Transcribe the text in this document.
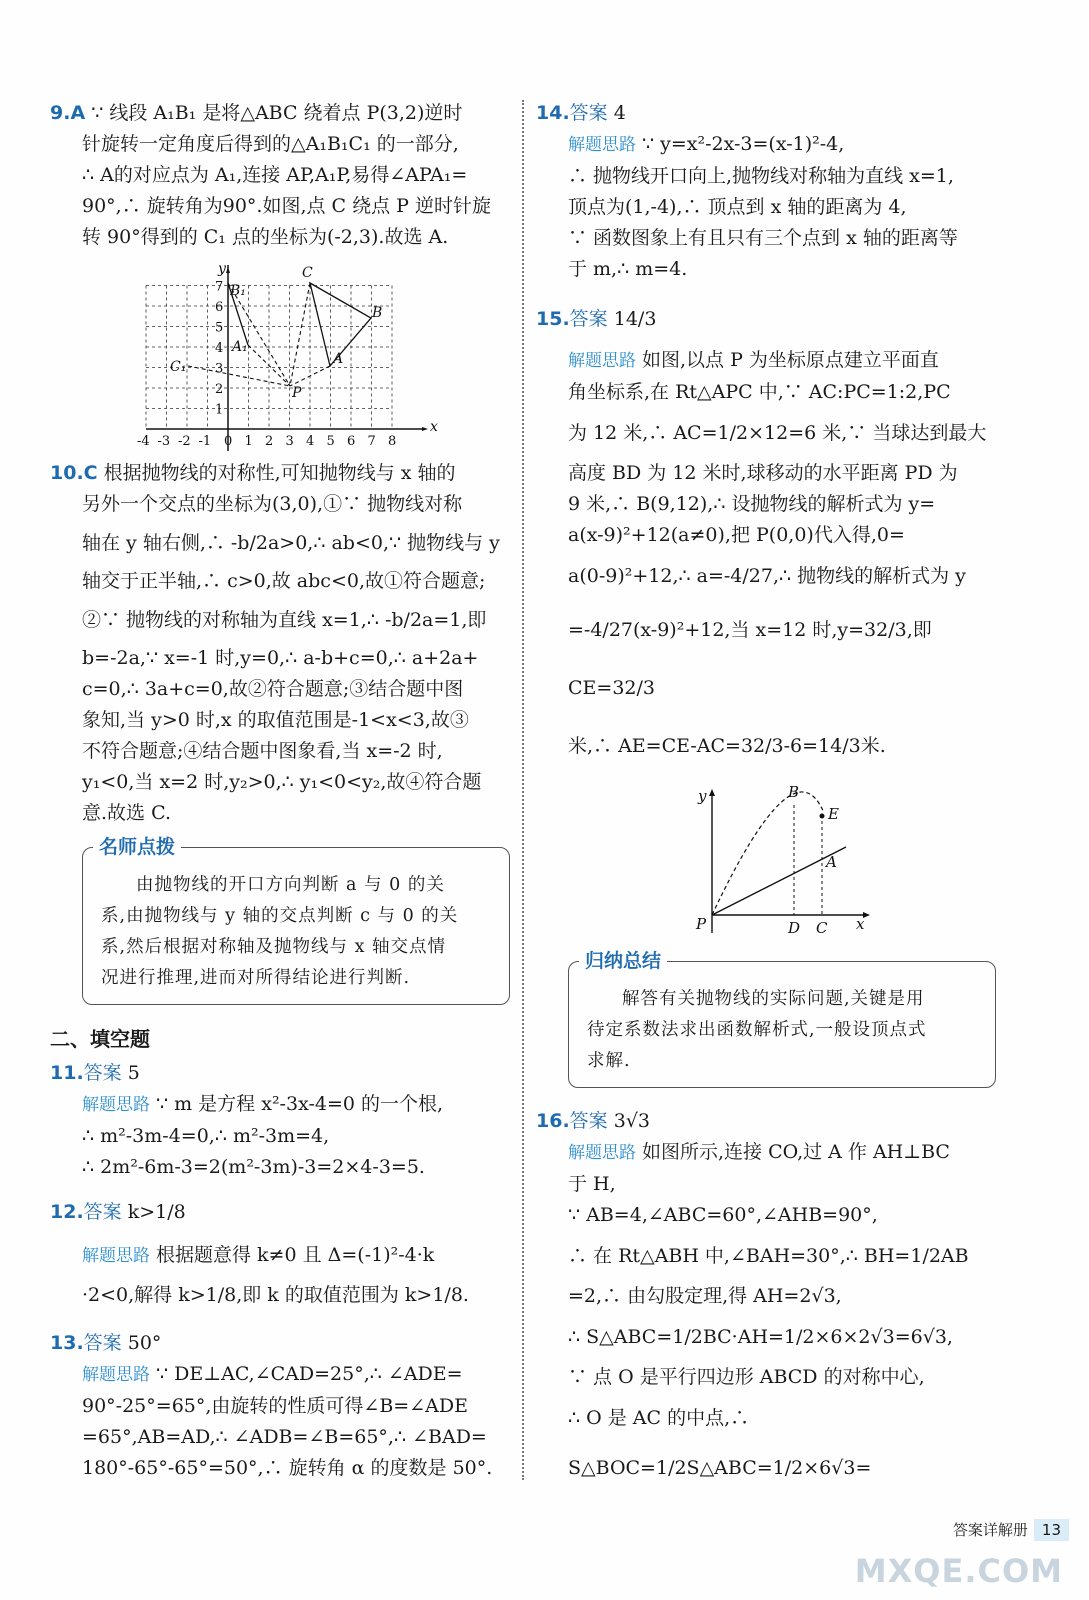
9.A ∵ 线段 A₁B₁ 是将△ABC 绕着点 P(3,2)逆时

针旋转一定角度后得到的△A₁B₁C₁ 的一部分,

∴ A的对应点为 A₁,连接 AP,A₁P,易得∠APA₁=

90°,∴ 旋转角为90°.如图,点 C 绕点 P 逆时针旋

转 90°得到的 C₁ 点的坐标为(-2,3).故选 A.

-4 -3 -2 -1 0 1 2 3 4 5 6 7 8
1
2
3
4
5
6
7
y
x
A
B
C
P
A₁
B₁
C₁

10.C 根据抛物线的对称性,可知抛物线与 x 轴的

另外一个交点的坐标为(3,0),①∵ 抛物线对称

轴在 y 轴右侧,∴ -b/2a>0,∴ ab<0,∵ 抛物线与 y

轴交于正半轴,∴ c>0,故 abc<0,故①符合题意;

②∵ 抛物线的对称轴为直线 x=1,∴ -b/2a=1,即

b=-2a,∵ x=-1 时,y=0,∴ a-b+c=0,∴ a+2a+

c=0,∴ 3a+c=0,故②符合题意;③结合题中图

象知,当 y>0 时,x 的取值范围是-1<x<3,故③

不符合题意;④结合题中图象看,当 x=-2 时,

y₁<0,当 x=2 时,y₂>0,∴ y₁<0<y₂,故④符合题

意.故选 C.

名师点拨

由抛物线的开口方向判断 a 与 0 的关

系,由抛物线与 y 轴的交点判断 c 与 0 的关

系,然后根据对称轴及抛物线与 x 轴交点情

况进行推理,进而对所得结论进行判断.

二、填空题

11.答案 5

解题思路 ∵ m 是方程 x²-3x-4=0 的一个根,

∴ m²-3m-4=0,∴ m²-3m=4,

∴ 2m²-6m-3=2(m²-3m)-3=2×4-3=5.

12.答案 k>1/8

解题思路 根据题意得 k≠0 且 Δ=(-1)²-4·k

·2<0,解得 k>1/8,即 k 的取值范围为 k>1/8.

13.答案 50°

解题思路 ∵ DE⊥AC,∠CAD=25°,∴ ∠ADE=

90°-25°=65°,由旋转的性质可得∠B=∠ADE

=65°,AB=AD,∴ ∠ADB=∠B=65°,∴ ∠BAD=

180°-65°-65°=50°,∴ 旋转角 α 的度数是 50°.

14.答案 4

解题思路 ∵ y=x²-2x-3=(x-1)²-4,

∴ 抛物线开口向上,抛物线对称轴为直线 x=1,

顶点为(1,-4),∴ 顶点到 x 轴的距离为 4,

∵ 函数图象上有且只有三个点到 x 轴的距离等

于 m,∴ m=4.

15.答案 14/3

解题思路 如图,以点 P 为坐标原点建立平面直

角坐标系,在 Rt△APC 中,∵ AC:PC=1:2,PC

为 12 米,∴ AC=1/2×12=6 米,∵ 当球达到最大

高度 BD 为 12 米时,球移动的水平距离 PD 为

9 米,∴ B(9,12),∴ 设抛物线的解析式为 y=

a(x-9)²+12(a≠0),把 P(0,0)代入得,0=

a(0-9)²+12,∴ a=-4/27,∴ 抛物线的解析式为 y

=-4/27(x-9)²+12,当 x=12 时,y=32/3,即 CE=32/3

米,∴ AE=CE-AC=32/3-6=14/3米.

y
x
P	D C
B
E
A
归纳总结

解答有关抛物线的实际问题,关键是用

待定系数法求出函数解析式,一般设顶点式

求解.

16.答案 3√3

解题思路 如图所示,连接 CO,过 A 作 AH⊥BC

于 H,

∵ AB=4,∠ABC=60°,∠AHB=90°,

∴ 在 Rt△ABH 中,∠BAH=30°,∴ BH=1/2AB

=2,∴ 由勾股定理,得 AH=2√3,

∴ S△ABC=1/2BC·AH=1/2×6×2√3=6√3,

∵ 点 O 是平行四边形 ABCD 的对称中心,

∴ O 是 AC 的中点,∴ S△BOC=1/2S△ABC=1/2×6√3=

答案详解册 13
MXQE.COM
